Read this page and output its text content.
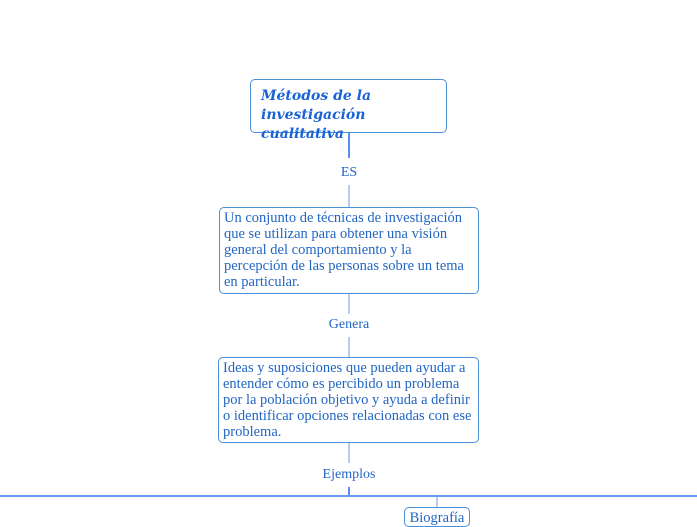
Métodos de la investigación cualitativa
ES
Un conjunto de técnicas de investigación que se utilizan para obtener una visión general del comportamiento y la percepción de las personas sobre un tema en particular.
Genera
Ideas y suposiciones que pueden ayudar a entender cómo es percibido un problema por la población objetivo y ayuda a definir o identificar opciones relacionadas con ese problema.
Ejemplos
Biografía
